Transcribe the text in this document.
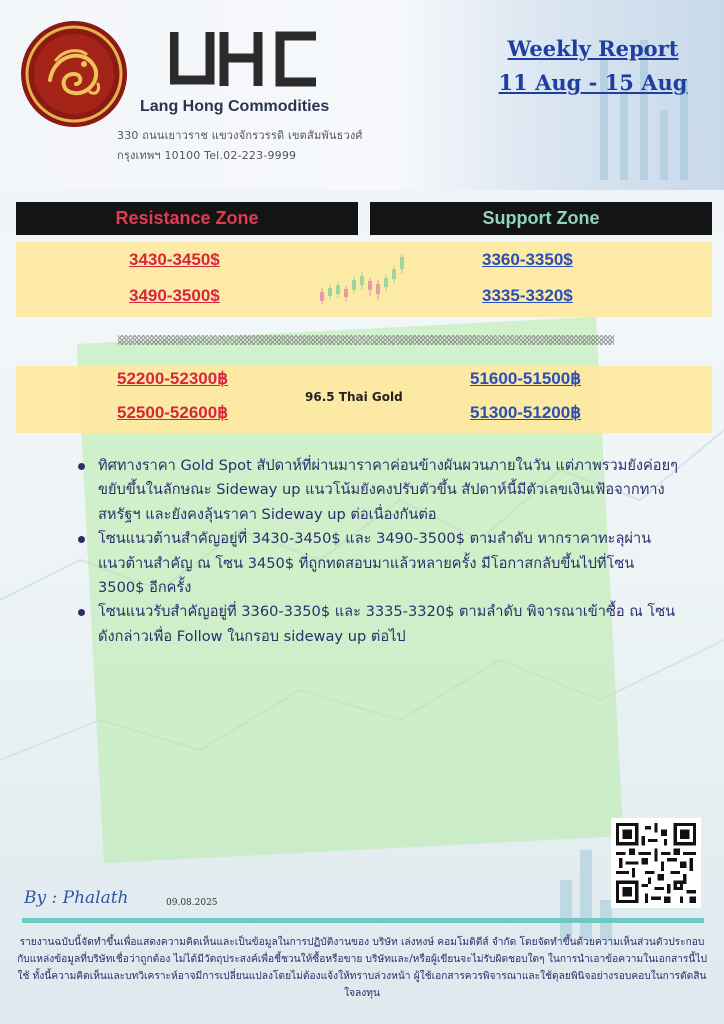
Lang Hong Commodities
330 ถนนเยาวราช แขวงจักรวรรดิ เขตสัมพันธวงศ์
กรุงเทพฯ 10100 Tel.02-223-9999
Weekly Report
11 Aug - 15 Aug
Resistance Zone	Support Zone
3430-3450$
3490-3500$
3360-3350$
3335-3320$
52200-52300฿
52500-52600฿
96.5 Thai Gold
51600-51500฿
51300-51200฿
ทิศทางราคา Gold Spot สัปดาห์ที่ผ่านมาราคาค่อนข้างผันผวนภายในวัน แต่ภาพรวมยังค่อยๆขยับขึ้นในลักษณะ Sideway up แนวโน้มยังคงปรับตัวขึ้น สัปดาห์นี้มีตัวเลขเงินเฟ้อจากทางสหรัฐฯ และยังคงลุ้นราคา Sideway up ต่อเนื่องกันต่อ
โซนแนวต้านสำคัญอยู่ที่ 3430-3450$ และ 3490-3500$ ตามลำดับ หากราคาทะลุผ่านแนวต้านสำคัญ ณ โซน 3450$ ที่ถูกทดสอบมาแล้วหลายครั้ง มีโอกาสกลับขึ้นไปที่โซน 3500$ อีกครั้ง
โซนแนวรับสำคัญอยู่ที่ 3360-3350$ และ 3335-3320$ ตามลำดับ พิจารณาเข้าซื้อ ณ โซนดังกล่าวเพื่อ Follow ในกรอบ sideway up ต่อไป
By : Phalath	09.08.2025
รายงานฉบับนี้จัดทำขึ้นเพื่อแสดงความคิดเห็นและเป็นข้อมูลในการปฏิบัติงานของ บริษัท เล่งหงษ์ คอมโมดิตีส์ จำกัด โดยจัดทำขึ้นด้วยความเห็นส่วนตัวประกอบกับแหล่งข้อมูลที่บริษัทเชื่อว่าถูกต้อง ไม่ได้มีวัตถุประสงค์เพื่อชี้ชวนให้ซื้อหรือขาย บริษัทและ/หรือผู้เขียนจะไม่รับผิดชอบใดๆ ในการนำเอาข้อความในเอกสารนี้ไปใช้ ทั้งนี้ความคิดเห็นและบทวิเคราะห์อาจมีการเปลี่ยนแปลงโดยไม่ต้องแจ้งให้ทราบล่วงหน้า ผู้ใช้เอกสารควรพิจารณาและใช้ดุลยพินิจอย่างรอบคอบในการตัดสินใจลงทุน
